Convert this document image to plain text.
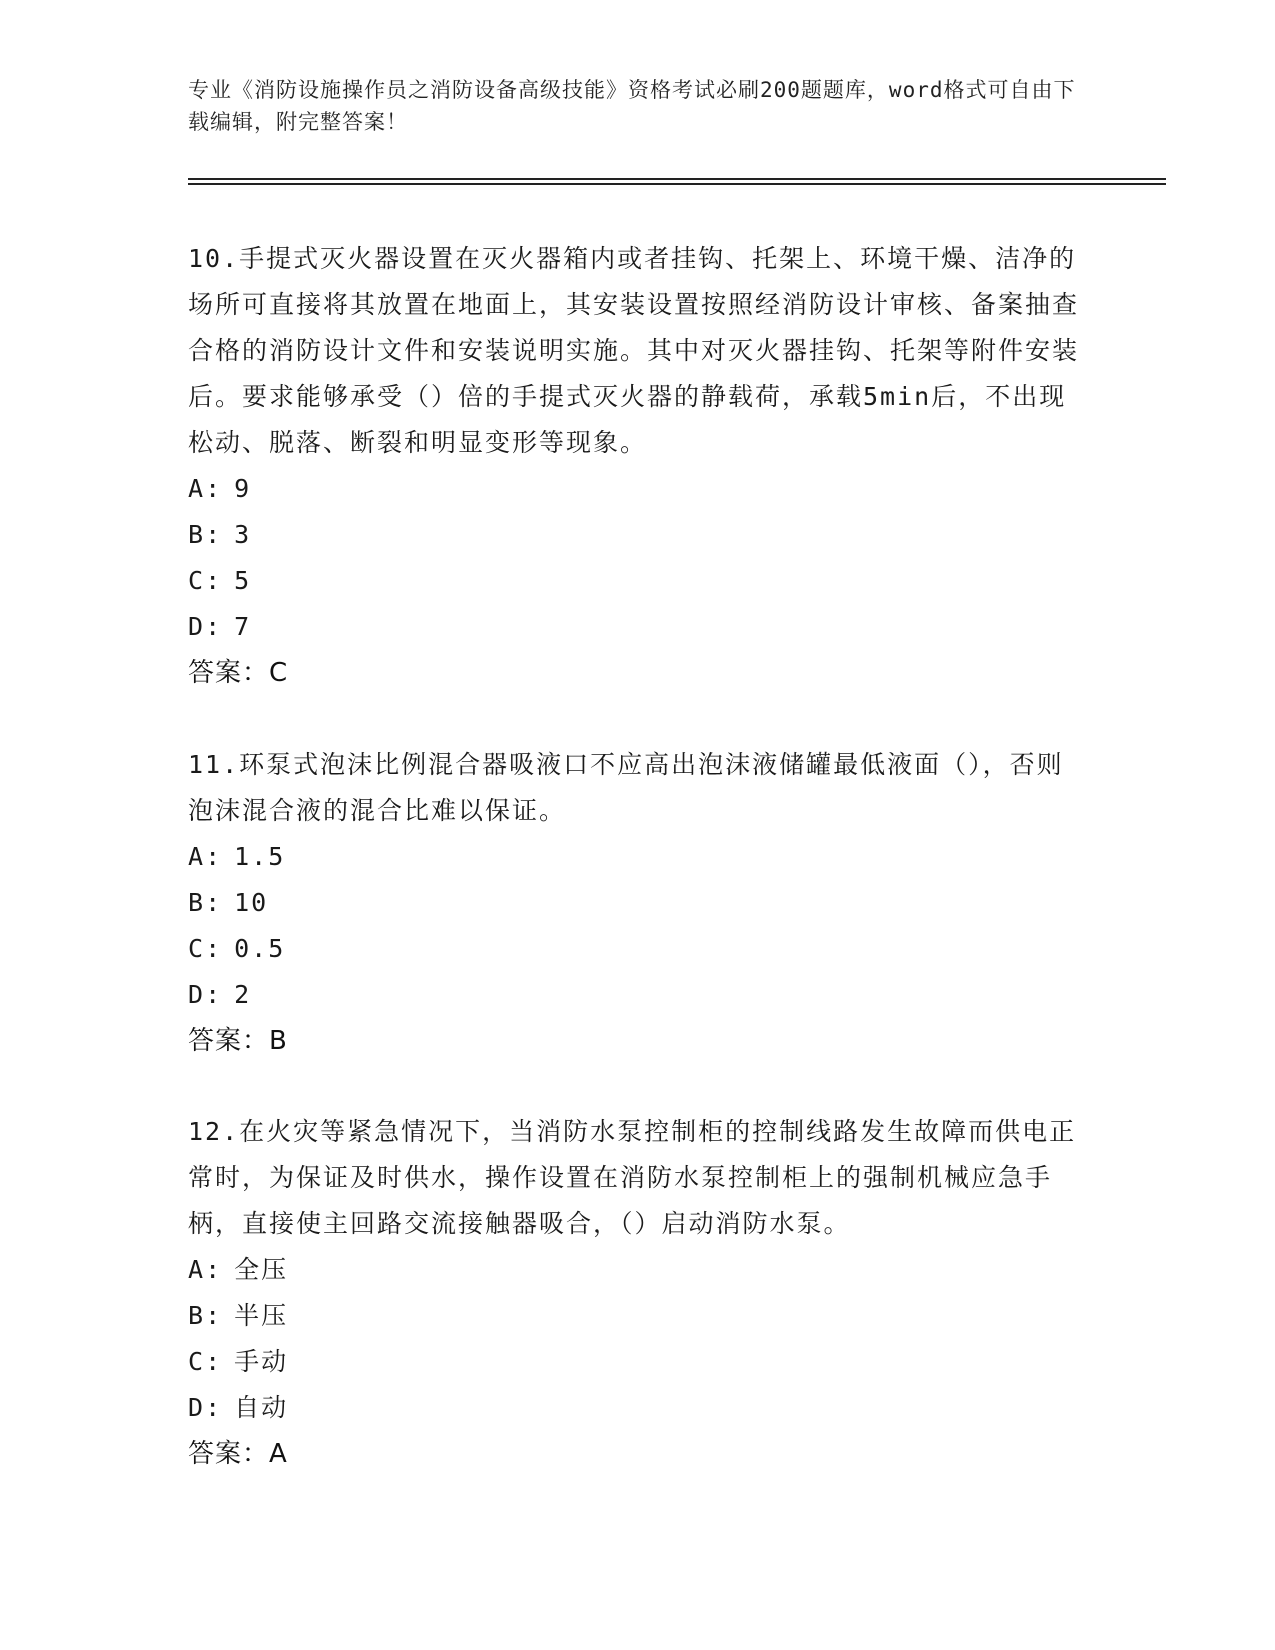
专业《消防设施操作员之消防设备高级技能》资格考试必刷200题题库，word格式可自由下载编辑，附完整答案！
10.手提式灭火器设置在灭火器箱内或者挂钩、托架上、环境干燥、洁净的场所可直接将其放置在地面上，其安装设置按照经消防设计审核、备案抽查合格的消防设计文件和安装说明实施。其中对灭火器挂钩、托架等附件安装后。要求能够承受（）倍的手提式灭火器的静载荷，承载5min后，不出现松动、脱落、断裂和明显变形等现象。
A : 9
B : 3
C : 5
D : 7
答案：C
11.环泵式泡沫比例混合器吸液口不应高出泡沫液储罐最低液面（），否则泡沫混合液的混合比难以保证。
A : 1.5
B : 10
C : 0.5
D : 2
答案：B
12.在火灾等紧急情况下，当消防水泵控制柜的控制线路发生故障而供电正常时，为保证及时供水，操作设置在消防水泵控制柜上的强制机械应急手柄，直接使主回路交流接触器吸合，（）启动消防水泵。
A : 全压
B : 半压
C : 手动
D : 自动
答案：A
